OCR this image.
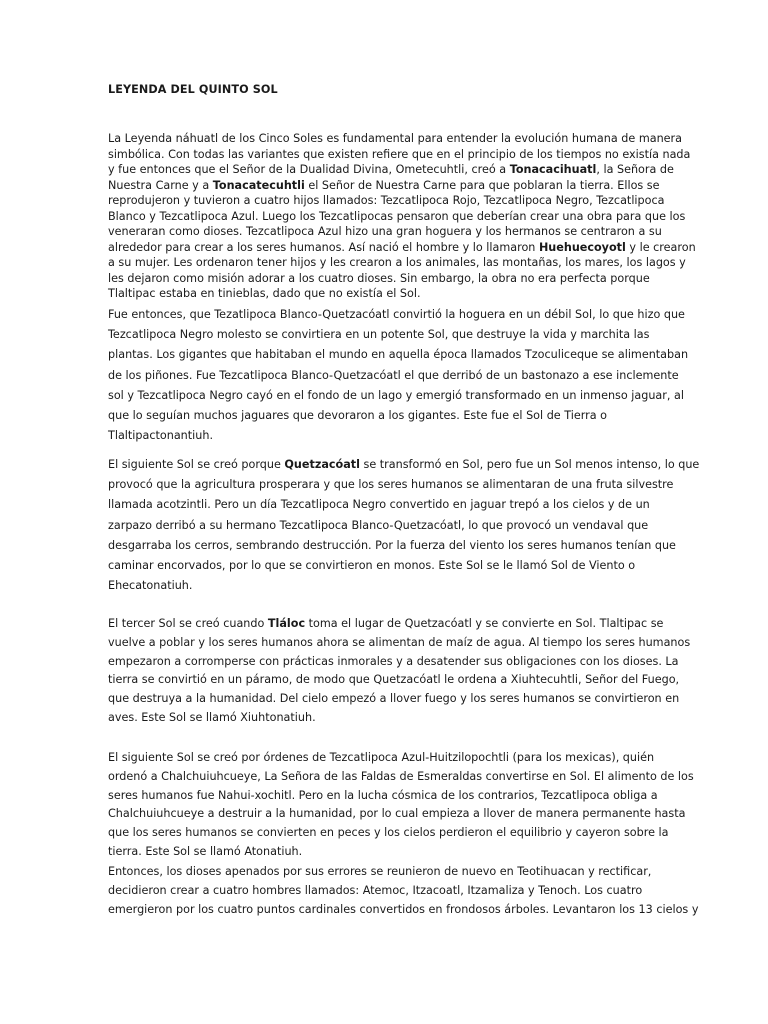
LEYENDA DEL QUINTO SOL
La Leyenda náhuatl de los Cinco Soles es fundamental para entender la evolución humana de manera
simbólica. Con todas las variantes que existen refiere que en el principio de los tiempos no existía nada
y fue entonces que el Señor de la Dualidad Divina, Ometecuhtli, creó a Tonacacihuatl, la Señora de
Nuestra Carne y a Tonacatecuhtli el Señor de Nuestra Carne para que poblaran la tierra. Ellos se
reprodujeron y tuvieron a cuatro hijos llamados: Tezcatlipoca Rojo, Tezcatlipoca Negro, Tezcatlipoca
Blanco y Tezcatlipoca Azul. Luego los Tezcatlipocas pensaron que deberían crear una obra para que los
veneraran como dioses. Tezcatlipoca Azul hizo una gran hoguera y los hermanos se centraron a su
alrededor para crear a los seres humanos. Así nació el hombre y lo llamaron Huehuecoyotl y le crearon
a su mujer. Les ordenaron tener hijos y les crearon a los animales, las montañas, los mares, los lagos y
les dejaron como misión adorar a los cuatro dioses. Sin embargo, la obra no era perfecta porque
Tlaltipac estaba en tinieblas, dado que no existía el Sol.
Fue entonces, que Tezatlipoca Blanco-Quetzacóatl convirtió la hoguera en un débil Sol, lo que hizo que
Tezcatlipoca Negro molesto se convirtiera en un potente Sol, que destruye la vida y marchita las
plantas. Los gigantes que habitaban el mundo en aquella época llamados Tzoculiceque se alimentaban
de los piñones. Fue Tezcatlipoca Blanco-Quetzacóatl el que derribó de un bastonazo a ese inclemente
sol y Tezcatlipoca Negro cayó en el fondo de un lago y emergió transformado en un inmenso jaguar, al
que lo seguían muchos jaguares que devoraron a los gigantes. Este fue el Sol de Tierra o
Tlaltipactonantiuh.
El siguiente Sol se creó porque Quetzacóatl se transformó en Sol, pero fue un Sol menos intenso, lo que
provocó que la agricultura prosperara y que los seres humanos se alimentaran de una fruta silvestre
llamada acotzintli. Pero un día Tezcatlipoca Negro convertido en jaguar trepó a los cielos y de un
zarpazo derribó a su hermano Tezcatlipoca Blanco-Quetzacóatl, lo que provocó un vendaval que
desgarraba los cerros, sembrando destrucción. Por la fuerza del viento los seres humanos tenían que
caminar encorvados, por lo que se convirtieron en monos. Este Sol se le llamó Sol de Viento o
Ehecatonatiuh.
El tercer Sol se creó cuando Tláloc toma el lugar de Quetzacóatl y se convierte en Sol. Tlaltipac se
vuelve a poblar y los seres humanos ahora se alimentan de maíz de agua. Al tiempo los seres humanos
empezaron a corromperse con prácticas inmorales y a desatender sus obligaciones con los dioses. La
tierra se convirtió en un páramo, de modo que Quetzacóatl le ordena a Xiuhtecuhtli, Señor del Fuego,
que destruya a la humanidad. Del cielo empezó a llover fuego y los seres humanos se convirtieron en
aves. Este Sol se llamó Xiuhtonatiuh.
El siguiente Sol se creó por órdenes de Tezcatlipoca Azul-Huitzilopochtli (para los mexicas), quién
ordenó a Chalchuiuhcueye, La Señora de las Faldas de Esmeraldas convertirse en Sol. El alimento de los
seres humanos fue Nahui-xochitl. Pero en la lucha cósmica de los contrarios, Tezcatlipoca obliga a
Chalchuiuhcueye a destruir a la humanidad, por lo cual empieza a llover de manera permanente hasta
que los seres humanos se convierten en peces y los cielos perdieron el equilibrio y cayeron sobre la
tierra. Este Sol se llamó Atonatiuh.
Entonces, los dioses apenados por sus errores se reunieron de nuevo en Teotihuacan y rectificar,
decidieron crear a cuatro hombres llamados: Atemoc, Itzacoatl, Itzamaliza y Tenoch. Los cuatro
emergieron por los cuatro puntos cardinales convertidos en frondosos árboles. Levantaron los 13 cielos y
